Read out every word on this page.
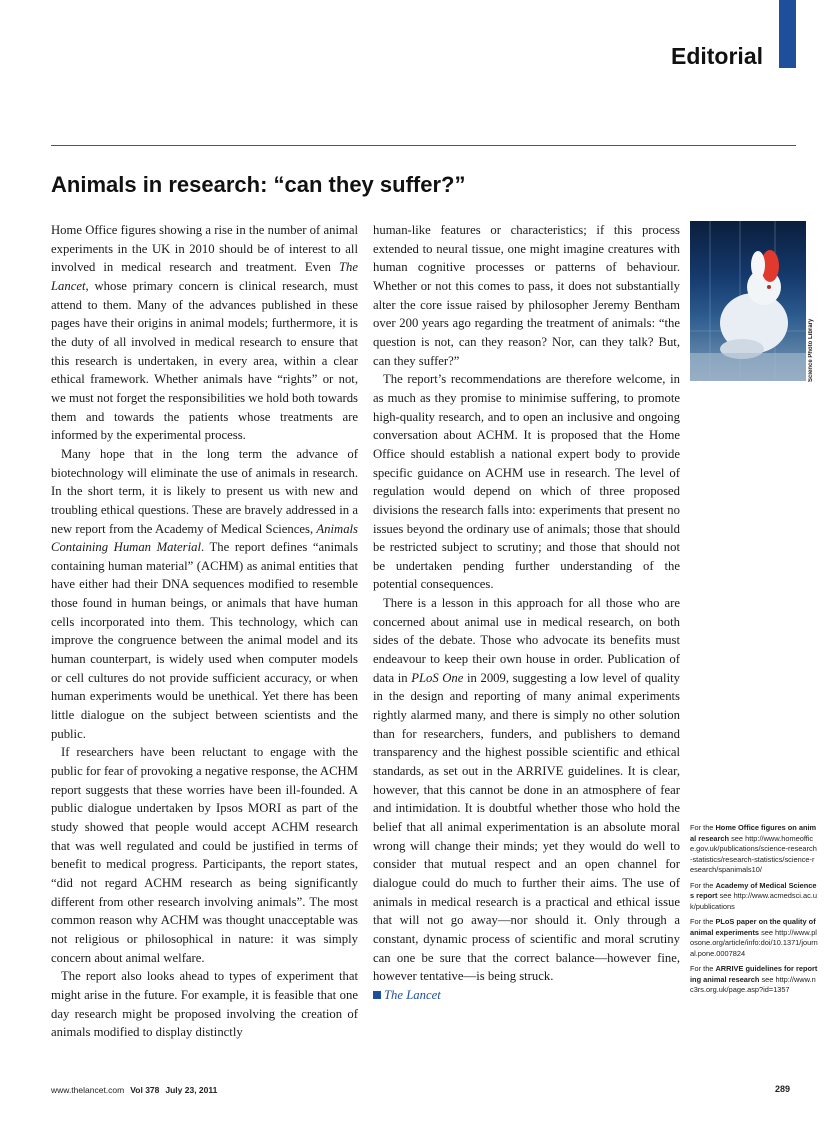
Editorial
Animals in research: “can they suffer?”

Home Office figures showing a rise in the number of animal experiments in the UK in 2010 should be of interest to all involved in medical research and treatment. Even The Lancet, whose primary concern is clinical research, must attend to them. Many of the advances published in these pages have their origins in animal models; furthermore, it is the duty of all involved in medical research to ensure that this research is undertaken, in every area, within a clear ethical framework. Whether animals have “rights” or not, we must not forget the responsibilities we hold both towards them and towards the patients whose treatments are informed by the experimental process.

Many hope that in the long term the advance of biotechnology will eliminate the use of animals in research. In the short term, it is likely to present us with new and troubling ethical questions. These are bravely addressed in a new report from the Academy of Medical Sciences, Animals Containing Human Material. The report defines “animals containing human material” (ACHM) as animal entities that have either had their DNA sequences modified to resemble those found in human beings, or animals that have human cells incorporated into them. This technology, which can improve the congruence between the animal model and its human counterpart, is widely used when computer models or cell cultures do not provide sufficient accuracy, or when human experiments would be unethical. Yet there has been little dialogue on the subject between scientists and the public.

If researchers have been reluctant to engage with the public for fear of provoking a negative response, the ACHM report suggests that these worries have been ill-founded. A public dialogue undertaken by Ipsos MORI as part of the study showed that people would accept ACHM research that was well regulated and could be justified in terms of benefit to medical progress. Participants, the report states, “did not regard ACHM research as being significantly different from other research involving animals”. The most common reason why ACHM was thought unacceptable was not religious or philosophical in nature: it was simply concern about animal welfare.

The report also looks ahead to types of experiment that might arise in the future. For example, it is feasible that one day research might be proposed involving the creation of animals modified to display distinctly

human-like features or characteristics; if this process extended to neural tissue, one might imagine creatures with human cognitive processes or patterns of behaviour. Whether or not this comes to pass, it does not substantially alter the core issue raised by philosopher Jeremy Bentham over 200 years ago regarding the treatment of animals: “the question is not, can they reason? Nor, can they talk? But, can they suffer?”

The report’s recommendations are therefore welcome, in as much as they promise to minimise suffering, to promote high-quality research, and to open an inclusive and ongoing conversation about ACHM. It is proposed that the Home Office should establish a national expert body to provide specific guidance on ACHM use in research. The level of regulation would depend on which of three proposed divisions the research falls into: experiments that present no issues beyond the ordinary use of animals; those that should be restricted subject to scrutiny; and those that should not be undertaken pending further understanding of the potential consequences.

There is a lesson in this approach for all those who are concerned about animal use in medical research, on both sides of the debate. Those who advocate its benefits must endeavour to keep their own house in order. Publication of data in PLoS One in 2009, suggesting a low level of quality in the design and reporting of many animal experiments rightly alarmed many, and there is simply no other solution than for researchers, funders, and publishers to demand transparency and the highest possible scientific and ethical standards, as set out in the ARRIVE guidelines. It is clear, however, that this cannot be done in an atmosphere of fear and intimidation. It is doubtful whether those who hold the belief that all animal experimentation is an absolute moral wrong will change their minds; yet they would do well to consider that mutual respect and an open channel for dialogue could do much to further their aims. The use of animals in medical research is a practical and ethical issue that will not go away—nor should it. Only through a constant, dynamic process of scientific and moral scrutiny can one be sure that the correct balance—however fine, however tentative—is being struck.
The Lancet

Science Photo Library

For the Home Office figures on animal research see http://www.homeoffice.gov.uk/publications/science-research-statistics/research-statistics/science-research/spanimals10/

For the Academy of Medical Sciences report see http://www.acmedsci.ac.uk/publications

For the PLoS paper on the quality of animal experiments see http://www.plosone.org/article/info:doi/10.1371/journal.pone.0007824

For the ARRIVE guidelines for reporting animal research see http://www.nc3rs.org.uk/page.asp?id=1357

www.thelancet.com Vol 378 July 23, 2011	289
